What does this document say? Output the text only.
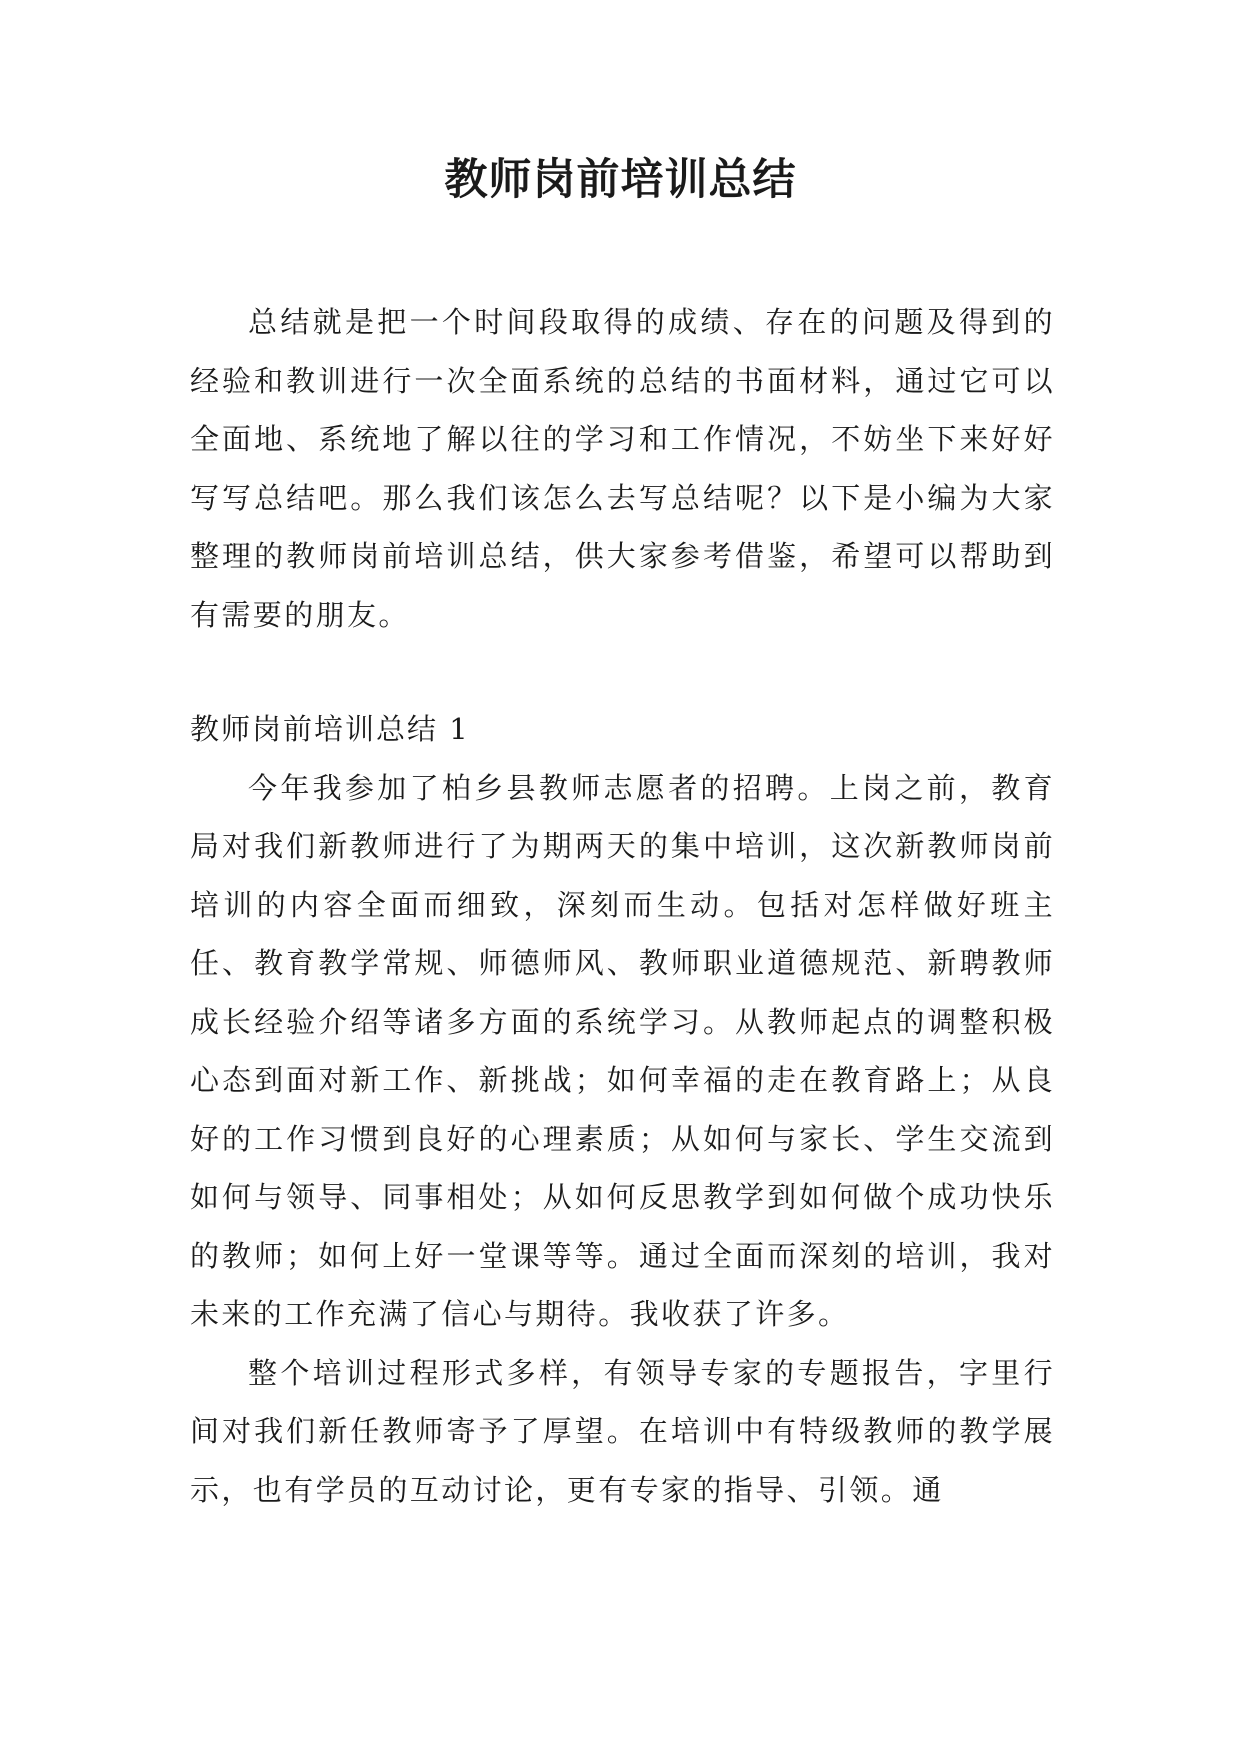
教师岗前培训总结

总结就是把一个时间段取得的成绩、存在的问题及得到的经验和教训进行一次全面系统的总结的书面材料，通过它可以全面地、系统地了解以往的学习和工作情况，不妨坐下来好好写写总结吧。那么我们该怎么去写总结呢？以下是小编为大家整理的教师岗前培训总结，供大家参考借鉴，希望可以帮助到有需要的朋友。

教师岗前培训总结 1

今年我参加了柏乡县教师志愿者的招聘。上岗之前，教育局对我们新教师进行了为期两天的集中培训，这次新教师岗前培训的内容全面而细致，深刻而生动。包括对怎样做好班主任、教育教学常规、师德师风、教师职业道德规范、新聘教师成长经验介绍等诸多方面的系统学习。从教师起点的调整积极心态到面对新工作、新挑战；如何幸福的走在教育路上；从良好的工作习惯到良好的心理素质；从如何与家长、学生交流到如何与领导、同事相处；从如何反思教学到如何做个成功快乐的教师；如何上好一堂课等等。通过全面而深刻的培训，我对未来的工作充满了信心与期待。我收获了许多。

整个培训过程形式多样，有领导专家的专题报告，字里行间对我们新任教师寄予了厚望。在培训中有特级教师的教学展示，也有学员的互动讨论，更有专家的指导、引领。通
